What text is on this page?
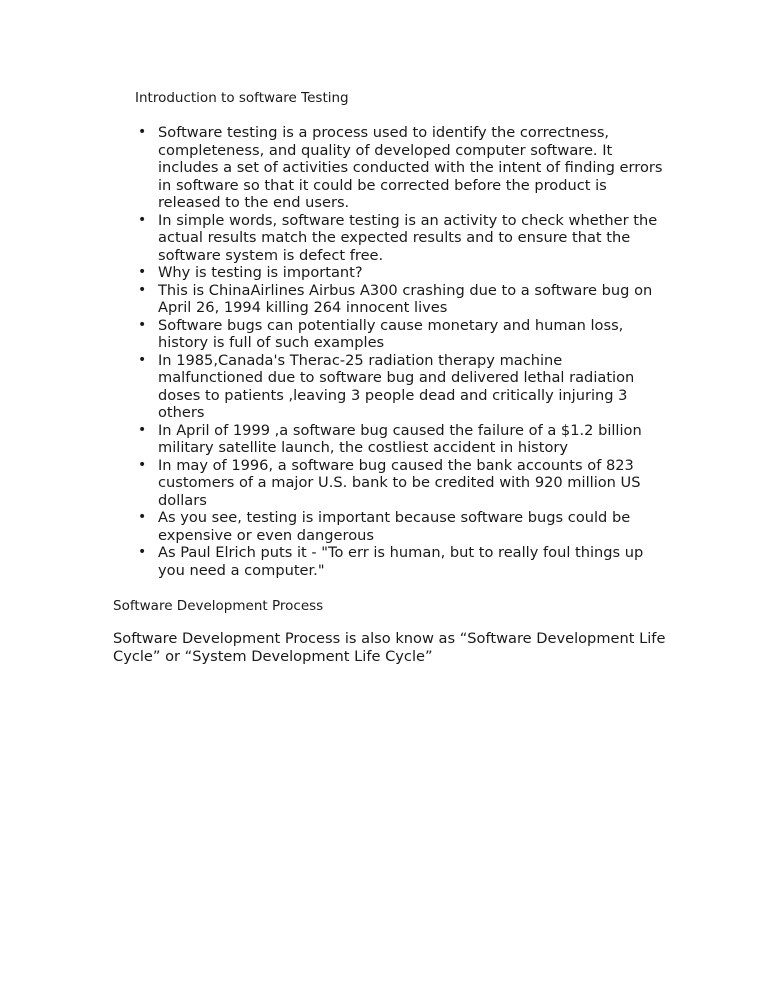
Introduction to software Testing

• Software testing is a process used to identify the correctness, completeness, and quality of developed computer software. It includes a set of activities conducted with the intent of finding errors in software so that it could be corrected before the product is released to the end users.
• In simple words, software testing is an activity to check whether the actual results match the expected results and to ensure that the software system is defect free.
• Why is testing is important?
• This is ChinaAirlines Airbus A300 crashing due to a software bug on April 26, 1994 killing 264 innocent lives
• Software bugs can potentially cause monetary and human loss, history is full of such examples
• In 1985,Canada's Therac-25 radiation therapy machine malfunctioned due to software bug and delivered lethal radiation doses to patients ,leaving 3 people dead and critically injuring 3 others
• In April of 1999 ,a software bug caused the failure of a $1.2 billion military satellite launch, the costliest accident in history
• In may of 1996, a software bug caused the bank accounts of 823 customers of a major U.S. bank to be credited with 920 million US dollars
• As you see, testing is important because software bugs could be expensive or even dangerous
• As Paul Elrich puts it - "To err is human, but to really foul things up you need a computer."

Software Development Process

Software Development Process is also know as “Software Development Life Cycle” or “System Development Life Cycle”
